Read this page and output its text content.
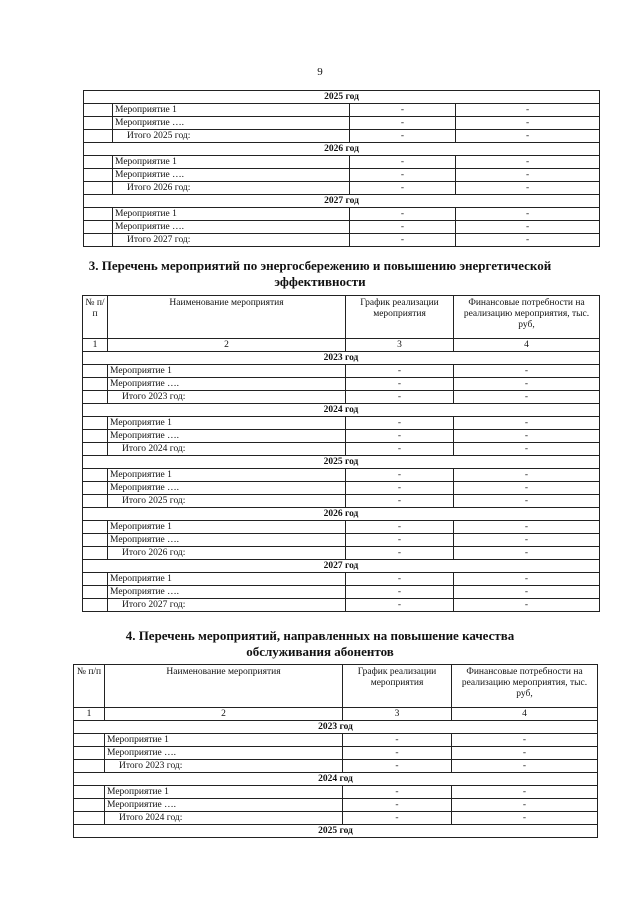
9
2025 год			
	Мероприятие 1	-	-
	Мероприятие ….	-	-
	Итого 2025 год:	-	-
2026 год			
	Мероприятие 1	-	-
	Мероприятие ….	-	-
	Итого 2026 год:	-	-
2027 год			
	Мероприятие 1	-	-
	Мероприятие ….	-	-
	Итого 2027 год:	-	-
3. Перечень мероприятий по энергосбережению и повышению энергетической эффективности
№ п/п	Наименование мероприятия	График реализации мероприятия	Финансовые потребности на реализацию мероприятия, тыс. руб,
1	2	3	4
2023 год			
	Мероприятие 1	-	-
	Мероприятие ….	-	-
	Итого 2023 год:	-	-
2024 год			
	Мероприятие 1	-	-
	Мероприятие ….	-	-
	Итого 2024 год:	-	-
2025 год			
	Мероприятие 1	-	-
	Мероприятие ….	-	-
	Итого 2025 год:	-	-
2026 год			
	Мероприятие 1	-	-
	Мероприятие ….	-	-
	Итого 2026 год:	-	-
2027 год			
	Мероприятие 1	-	-
	Мероприятие ….	-	-
	Итого 2027 год:	-	-
4. Перечень мероприятий, направленных на повышение качества обслуживания абонентов
№ п/п	Наименование мероприятия	График реализации мероприятия	Финансовые потребности на реализацию мероприятия, тыс. руб,
1	2	3	4
2023 год			
	Мероприятие 1	-	-
	Мероприятие ….	-	-
	Итого 2023 год:	-	-
2024 год			
	Мероприятие 1	-	-
	Мероприятие ….	-	-
	Итого 2024 год:	-	-
2025 год			
